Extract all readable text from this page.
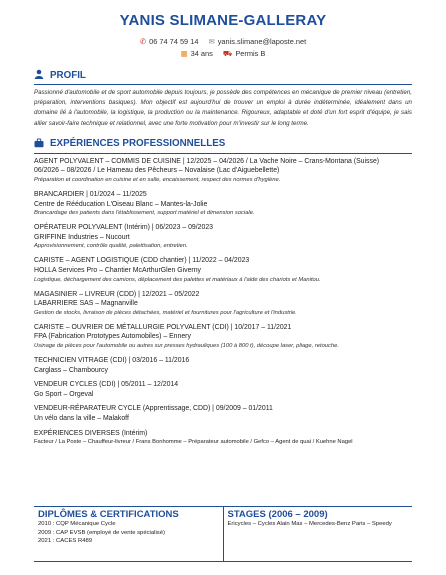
YANIS SLIMANE-GALLERAY
✆ 06 74 74 59 14 ✉ yanis.slimane@laposte.net
▦ 34 ans ⛟ Permis B
PROFIL
Passionné d'automobile et de sport automobile depuis toujours, je possède des compétences en mécanique de premier niveau (entretien, préparation, interventions basiques). Mon objectif est aujourd'hui de trouver un emploi à durée indéterminée, idéalement dans un domaine lié à l'automobile, la logistique, la production ou la maintenance. Rigoureux, adaptable et doté d'un fort esprit d'équipe, je sais allier savoir-faire technique et relationnel, avec une forte motivation pour m'investir sur le long terme.
EXPÉRIENCES PROFESSIONNELLES
AGENT POLYVALENT – COMMIS DE CUISINE | 12/2025 – 04/2026 / La Vache Noire – Crans-Montana (Suisse)
06/2026 – 08/2026 / Le Hameau des Pêcheurs – Novalaise (Lac d'Aiguebellette)
Préparation et coordination en cuisine et en salle, encaissement, respect des normes d'hygiène.
BRANCARDIER | 01/2024 – 11/2025
Centre de Rééducation L'Oiseau Blanc – Mantes-la-Jolie
Brancardage des patients dans l'établissement, support matériel et dimension sociale.
OPÉRATEUR POLYVALENT (Intérim) | 06/2023 – 09/2023
GRIFFINE Industries – Nucourt
Approvisionnement, contrôle qualité, palettisation, entretien.
CARISTE – AGENT LOGISTIQUE (CDD chantier) | 11/2022 – 04/2023
HOLLA Services Pro – Chantier McArthurGlen Giverny
Logistique, déchargement des camions, déplacement des palettes et matériaux à l'aide des chariots et Manitou.
MAGASINIER – LIVREUR (CDD) | 12/2021 – 05/2022
LABARRIERE SAS – Magnanville
Gestion de stocks, livraison de pièces détachées, matériel et fournitures pour l'agriculture et l'industrie.
CARISTE – OUVRIER DE MÉTALLURGIE POLYVALENT (CDI) | 10/2017 – 11/2021
FPA (Fabrication Prototypes Automobiles) – Ennery
Usinage de pièces pour l'automobile ou autres sur presses hydrauliques (100 à 800 t), découpe laser, pliage, retouche.
TECHNICIEN VITRAGE (CDI) | 03/2016 – 11/2016
Carglass – Chambourcy
VENDEUR CYCLES (CDI) | 05/2011 – 12/2014
Go Sport – Orgeval
VENDEUR-RÉPARATEUR CYCLE (Apprentissage, CDD) | 09/2009 – 01/2011
Un vélo dans la ville – Malakoff
EXPÉRIENCES DIVERSES (Intérim)
Facteur / La Poste – Chauffeur-livreur / Frans Bonhomme – Préparateur automobile / Gefco – Agent de quai / Kuehne Nagel
DIPLÔMES & CERTIFICATIONS
2010 : CQP Mécanique Cycle
2009 : CAP EVSB (employé de vente spécialisé)
2021 : CACES R489
STAGES (2006 – 2009)
Ericycles – Cycles Alain Mas – Mercedes-Benz Paris – Speedy
